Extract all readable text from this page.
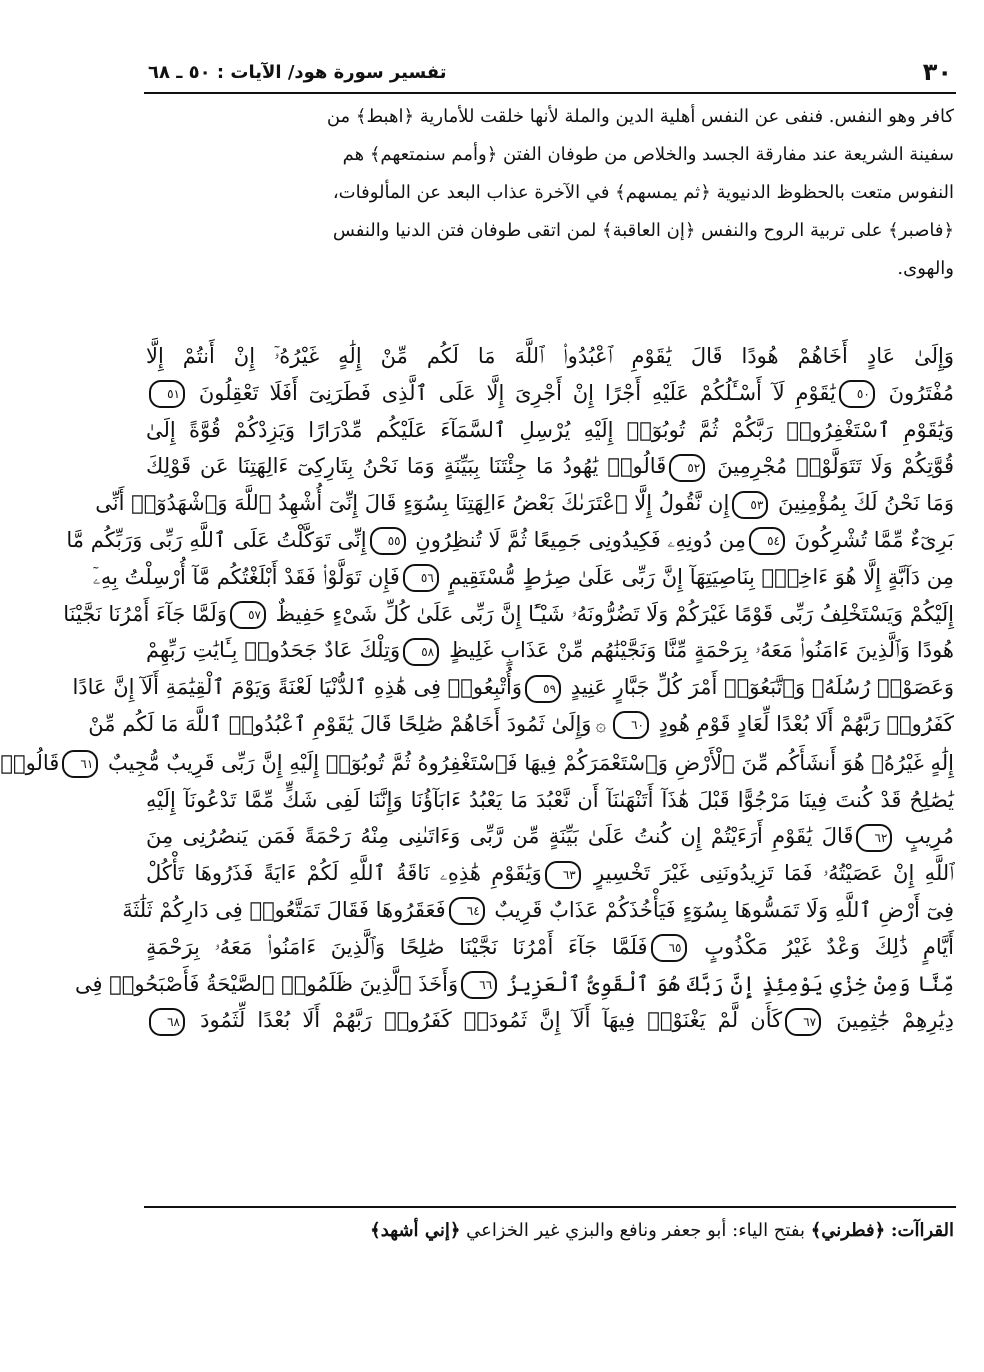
٣٠
تفسير سورة هود/ الآيات : ٥٠ ـ ٦٨
كافر وهو النفس. فنفى عن النفس أهلية الدين والملة لأنها خلقت للأمارية ﴿اهبط﴾ من
سفينة الشريعة عند مفارقة الجسد والخلاص من طوفان الفتن ﴿وأمم سنمتعهم﴾ هم
النفوس متعت بالحظوظ الدنيوية ﴿ثم يمسهم﴾ في الآخرة عذاب البعد عن المألوفات،
﴿فاصبر﴾ على تربية الروح والنفس ﴿إن العاقبة﴾ لمن اتقى طوفان فتن الدنيا والنفس
والهوى.
وَإِلَىٰ عَادٍ أَخَاهُمْ هُودًا قَالَ يَٰقَوْمِ ٱعْبُدُوا۟ ٱللَّهَ مَا لَكُم مِّنْ إِلَٰهٍ غَيْرُهُۥٓ إِنْ أَنتُمْ إِلَّا
مُفْتَرُونَ ٥٠يَٰقَوْمِ لَآ أَسْـَٔلُكُمْ عَلَيْهِ أَجْرًا إِنْ أَجْرِىَ إِلَّا عَلَى ٱلَّذِى فَطَرَنِىٓ أَفَلَا تَعْقِلُونَ ٥١
وَيَٰقَوْمِ ٱسْتَغْفِرُوا۟ رَبَّكُمْ ثُمَّ تُوبُوٓا۟ إِلَيْهِ يُرْسِلِ ٱلسَّمَآءَ عَلَيْكُم مِّدْرَارًا وَيَزِدْكُمْ قُوَّةً إِلَىٰ
قُوَّتِكُمْ وَلَا تَتَوَلَّوْا۟ مُجْرِمِينَ ٥٢قَالُوا۟ يَٰهُودُ مَا جِئْتَنَا بِبَيِّنَةٍ وَمَا نَحْنُ بِتَارِكِىٓ ءَالِهَتِنَا عَن قَوْلِكَ
وَمَا نَحْنُ لَكَ بِمُؤْمِنِينَ ٥٣إِن نَّقُولُ إِلَّا ٱعْتَرَىٰكَ بَعْضُ ءَالِهَتِنَا بِسُوٓءٍ قَالَ إِنِّىٓ أُشْهِدُ ٱللَّهَ وَٱشْهَدُوٓا۟ أَنِّى
بَرِىٓءٌ مِّمَّا تُشْرِكُونَ ٥٤مِن دُونِهِۦ فَكِيدُونِى جَمِيعًا ثُمَّ لَا تُنظِرُونِ ٥٥إِنِّى تَوَكَّلْتُ عَلَى ٱللَّهِ رَبِّى وَرَبِّكُم مَّا
مِن دَآبَّةٍ إِلَّا هُوَ ءَاخِذٌۢ بِنَاصِيَتِهَآ إِنَّ رَبِّى عَلَىٰ صِرَٰطٍ مُّسْتَقِيمٍ ٥٦فَإِن تَوَلَّوْا۟ فَقَدْ أَبْلَغْتُكُم مَّآ أُرْسِلْتُ بِهِۦٓ
إِلَيْكُمْ وَيَسْتَخْلِفُ رَبِّى قَوْمًا غَيْرَكُمْ وَلَا تَضُرُّونَهُۥ شَيْـًٔا إِنَّ رَبِّى عَلَىٰ كُلِّ شَىْءٍ حَفِيظٌ ٥٧وَلَمَّا جَآءَ أَمْرُنَا نَجَّيْنَا
هُودًا وَٱلَّذِينَ ءَامَنُوا۟ مَعَهُۥ بِرَحْمَةٍ مِّنَّا وَنَجَّيْنَٰهُم مِّنْ عَذَابٍ غَلِيظٍ ٥٨وَتِلْكَ عَادٌ جَحَدُوا۟ بِـَٔايَٰتِ رَبِّهِمْ
وَعَصَوْا۟ رُسُلَهُۥ وَٱتَّبَعُوٓا۟ أَمْرَ كُلِّ جَبَّارٍ عَنِيدٍ ٥٩وَأُتْبِعُوا۟ فِى هَٰذِهِ ٱلدُّنْيَا لَعْنَةً وَيَوْمَ ٱلْقِيَٰمَةِ أَلَآ إِنَّ عَادًا
كَفَرُوا۟ رَبَّهُمْ أَلَا بُعْدًا لِّعَادٍ قَوْمِ هُودٍ ٦٠۞وَإِلَىٰ ثَمُودَ أَخَاهُمْ صَٰلِحًا قَالَ يَٰقَوْمِ ٱعْبُدُوا۟ ٱللَّهَ مَا لَكُم مِّنْ
إِلَٰهٍ غَيْرُهُۥ هُوَ أَنشَأَكُم مِّنَ ٱلْأَرْضِ وَٱسْتَعْمَرَكُمْ فِيهَا فَٱسْتَغْفِرُوهُ ثُمَّ تُوبُوٓا۟ إِلَيْهِ إِنَّ رَبِّى قَرِيبٌ مُّجِيبٌ ٦١قَالُوا۟
يَٰصَٰلِحُ قَدْ كُنتَ فِينَا مَرْجُوًّا قَبْلَ هَٰذَآ أَتَنْهَىٰنَآ أَن نَّعْبُدَ مَا يَعْبُدُ ءَابَآؤُنَا وَإِنَّنَا لَفِى شَكٍّ مِّمَّا تَدْعُونَآ إِلَيْهِ
مُرِيبٍ ٦٢قَالَ يَٰقَوْمِ أَرَءَيْتُمْ إِن كُنتُ عَلَىٰ بَيِّنَةٍ مِّن رَّبِّى وَءَاتَىٰنِى مِنْهُ رَحْمَةً فَمَن يَنصُرُنِى مِنَ
ٱللَّهِ إِنْ عَصَيْتُهُۥ فَمَا تَزِيدُونَنِى غَيْرَ تَخْسِيرٍ ٦٣وَيَٰقَوْمِ هَٰذِهِۦ نَاقَةُ ٱللَّهِ لَكُمْ ءَايَةً فَذَرُوهَا تَأْكُلْ
فِىٓ أَرْضِ ٱللَّهِ وَلَا تَمَسُّوهَا بِسُوٓءٍ فَيَأْخُذَكُمْ عَذَابٌ قَرِيبٌ ٦٤فَعَقَرُوهَا فَقَالَ تَمَتَّعُوا۟ فِى دَارِكُمْ ثَلَٰثَةَ
أَيَّامٍ ذَٰلِكَ وَعْدٌ غَيْرُ مَكْذُوبٍ ٦٥فَلَمَّا جَآءَ أَمْرُنَا نَجَّيْنَا صَٰلِحًا وَٱلَّذِينَ ءَامَنُوا۟ مَعَهُۥ بِرَحْمَةٍ
مِّنَّا وَمِنْ خِزْىِ يَوْمِئِذٍ إِنَّ رَبَّكَ هُوَ ٱلْقَوِىُّ ٱلْعَزِيزُ ٦٦وَأَخَذَ ٱلَّذِينَ ظَلَمُوا۟ ٱلصَّيْحَةُ فَأَصْبَحُوا۟ فِى
دِيَٰرِهِمْ جَٰثِمِينَ ٦٧كَأَن لَّمْ يَغْنَوْا۟ فِيهَآ أَلَآ إِنَّ ثَمُودَا۟ كَفَرُوا۟ رَبَّهُمْ أَلَا بُعْدًا لِّثَمُودَ ٦٨
القراآت: ﴿فطرني﴾ بفتح الياء: أبو جعفر ونافع والبزي غير الخزاعي ﴿إني أشهد﴾
